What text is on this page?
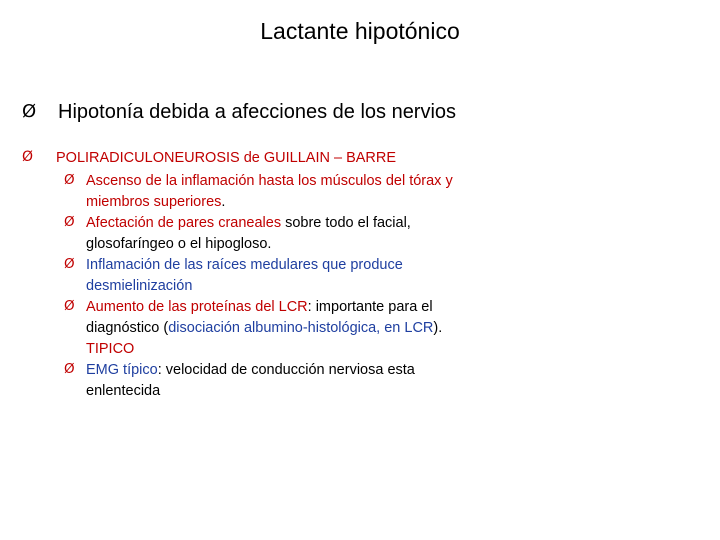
Lactante hipotónico
Ø Hipotonía debida a afecciones de los nervios
Ø POLIRADICULONEUROSIS de GUILLAIN – BARRE
Ø Ascenso de la inflamación hasta los músculos del tórax y miembros superiores.
Ø Afectación de pares craneales sobre todo el facial, glosofaríngeo o el hipogloso.
Ø Inflamación de las raíces medulares que produce desmielinización
Ø Aumento de las proteínas del LCR: importante para el diagnóstico (disociación albumino-histológica, en LCR). TIPICO
Ø EMG típico: velocidad de conducción nerviosa esta enlentecida
